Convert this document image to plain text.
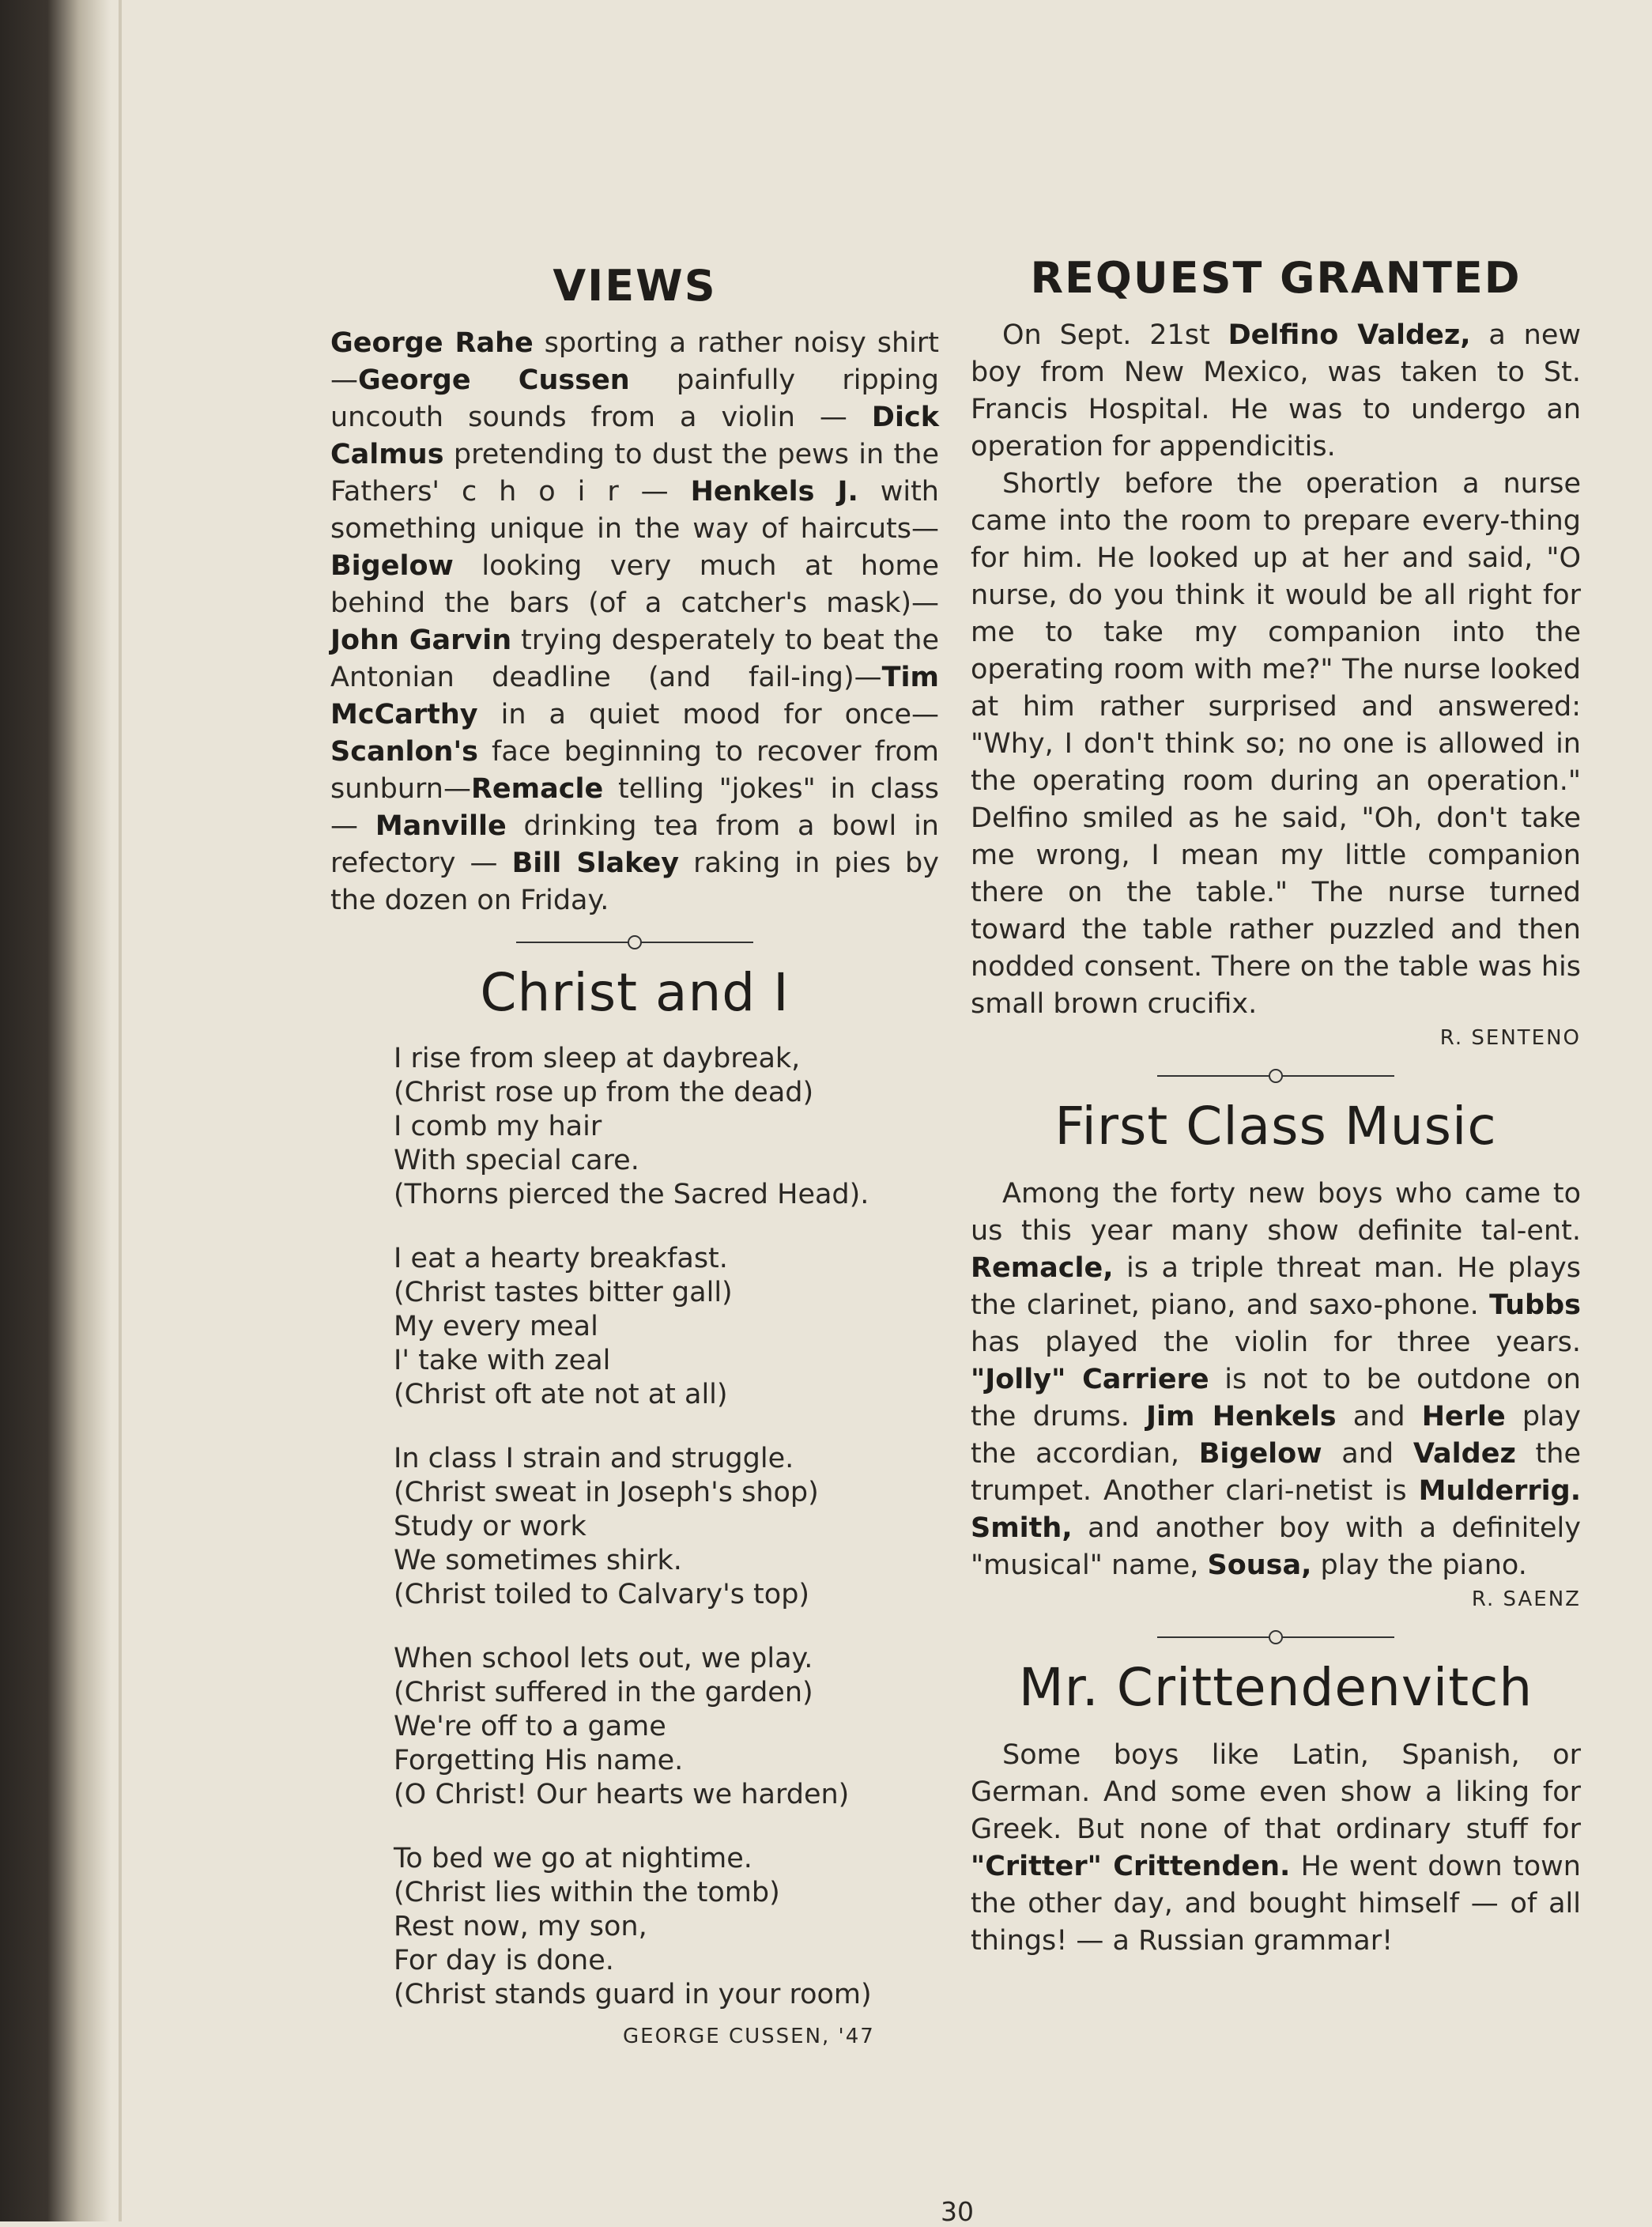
VIEWS

George Rahe sporting a rather noisy shirt—George Cussen painfully ripping uncouth sounds from a violin — Dick Calmus pretending to dust the pews in the Fathers' c h o i r — Henkels J. with something unique in the way of haircuts—Bigelow looking very much at home behind the bars (of a catcher's mask)—John Garvin trying desperately to beat the Antonian deadline (and fail-ing)—Tim McCarthy in a quiet mood for once—Scanlon's face beginning to recover from sunburn—Remacle telling "jokes" in class — Manville drinking tea from a bowl in refectory — Bill Slakey raking in pies by the dozen on Friday.

Christ and I

I rise from sleep at daybreak,

(Christ rose up from the dead)

I comb my hair

With special care.

(Thorns pierced the Sacred Head).

I eat a hearty breakfast.

(Christ tastes bitter gall)

My every meal

I' take with zeal

(Christ oft ate not at all)

In class I strain and struggle.

(Christ sweat in Joseph's shop)

Study or work

We sometimes shirk.

(Christ toiled to Calvary's top)

When school lets out, we play.

(Christ suffered in the garden)

We're off to a game

Forgetting His name.

(O Christ! Our hearts we harden)

To bed we go at nightime.

(Christ lies within the tomb)

Rest now, my son,

For day is done.

(Christ stands guard in your room)

GEORGE CUSSEN, '47

REQUEST GRANTED

On Sept. 21st Delfino Valdez, a new boy from New Mexico, was taken to St. Francis Hospital. He was to undergo an operation for appendicitis.

Shortly before the operation a nurse came into the room to prepare every-thing for him. He looked up at her and said, "O nurse, do you think it would be all right for me to take my companion into the operating room with me?" The nurse looked at him rather surprised and answered: "Why, I don't think so; no one is allowed in the operating room during an operation." Delfino smiled as he said, "Oh, don't take me wrong, I mean my little companion there on the table." The nurse turned toward the table rather puzzled and then nodded consent. There on the table was his small brown crucifix.

R. SENTENO

First Class Music

Among the forty new boys who came to us this year many show definite tal-ent. Remacle, is a triple threat man. He plays the clarinet, piano, and saxo-phone. Tubbs has played the violin for three years. "Jolly" Carriere is not to be outdone on the drums. Jim Henkels and Herle play the accordian, Bigelow and Valdez the trumpet. Another clari-netist is Mulderrig. Smith, and another boy with a definitely "musical" name, Sousa, play the piano.

R. SAENZ

Mr. Crittendenvitch

Some boys like Latin, Spanish, or German. And some even show a liking for Greek. But none of that ordinary stuff for "Critter" Crittenden. He went down town the other day, and bought himself — of all things! — a Russian grammar!

30
